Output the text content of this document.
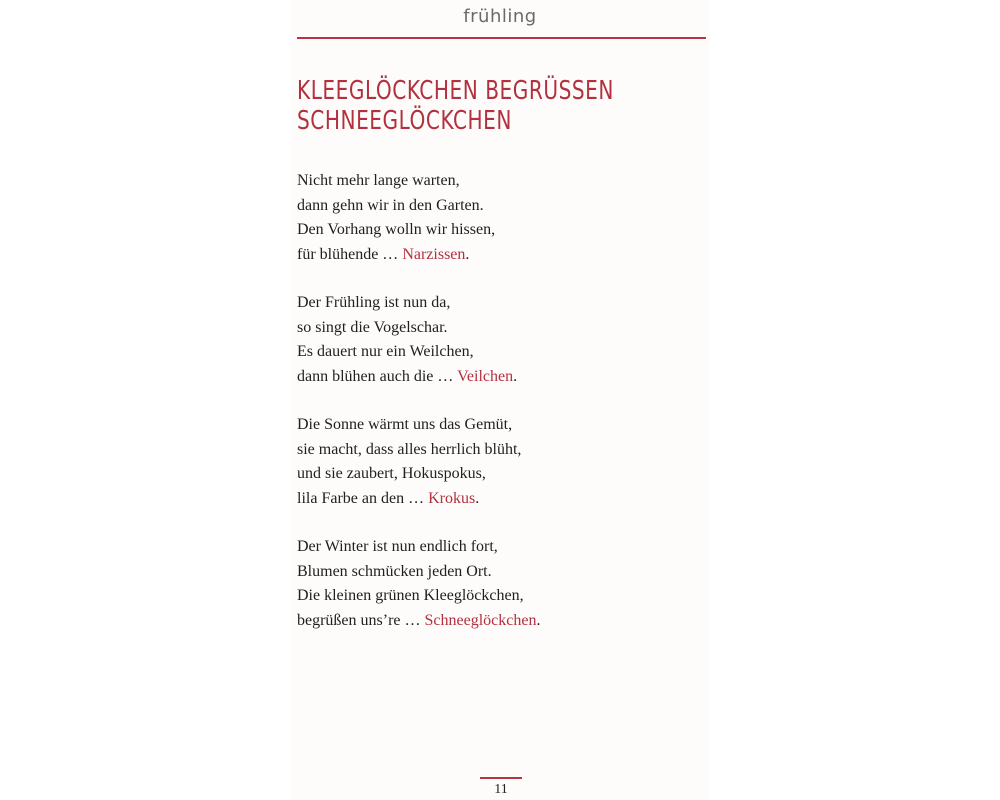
frühling
KLEEGLÖCKCHEN BEGRÜSSEN
SCHNEEGLÖCKCHEN
Nicht mehr lange warten,
dann gehn wir in den Garten.
Den Vorhang wolln wir hissen,
für blühende … Narzissen.
Der Frühling ist nun da,
so singt die Vogelschar.
Es dauert nur ein Weilchen,
dann blühen auch die … Veilchen.
Die Sonne wärmt uns das Gemüt,
sie macht, dass alles herrlich blüht,
und sie zaubert, Hokuspokus,
lila Farbe an den … Krokus.
Der Winter ist nun endlich fort,
Blumen schmücken jeden Ort.
Die kleinen grünen Kleeglöckchen,
begrüßen uns’re … Schneeglöckchen.
11
